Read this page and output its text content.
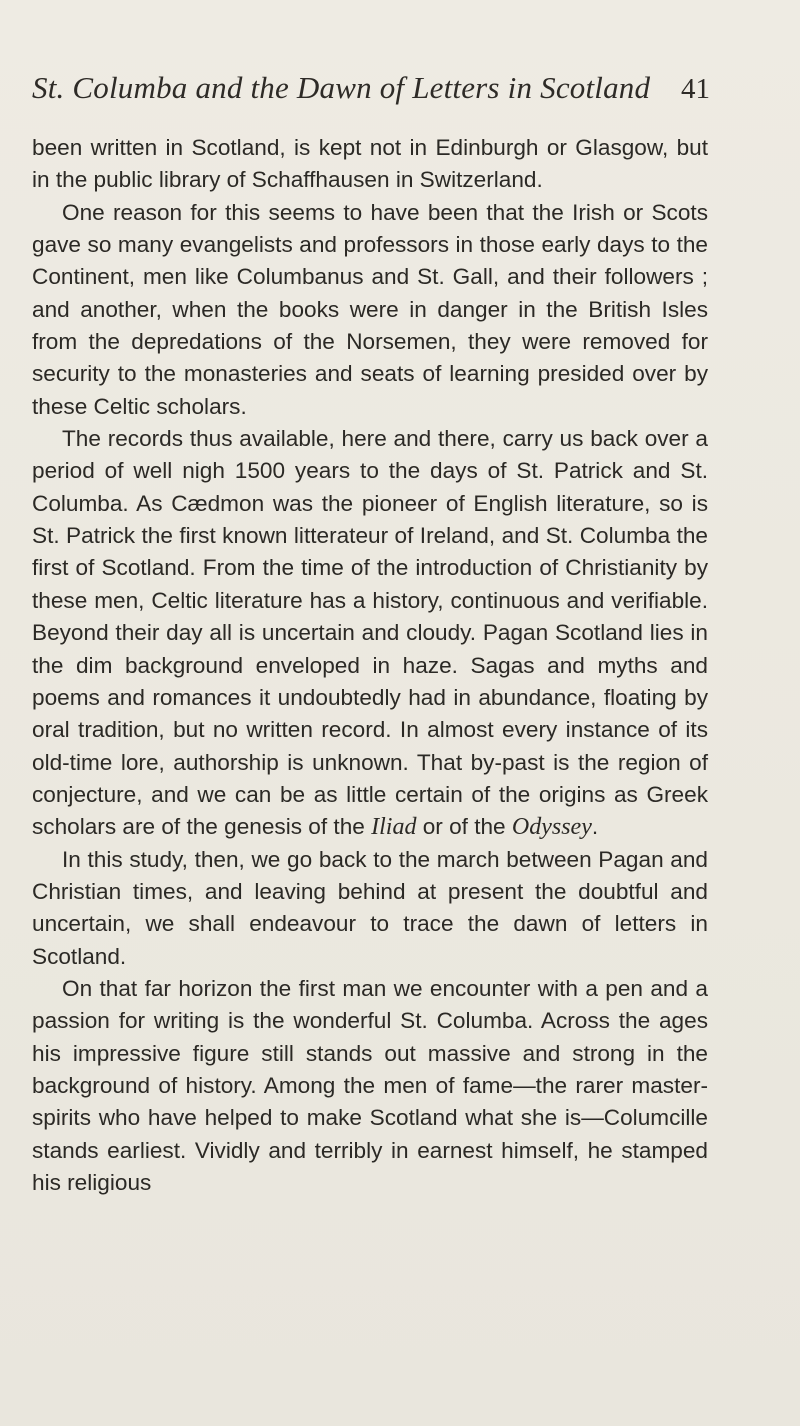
St. Columba and the Dawn of Letters in Scotland 41

been written in Scotland, is kept not in Edinburgh or Glasgow, but in the public library of Schaffhausen in Switzerland.

One reason for this seems to have been that the Irish or Scots gave so many evangelists and professors in those early days to the Continent, men like Columbanus and St. Gall, and their followers ; and another, when the books were in danger in the British Isles from the depredations of the Norsemen, they were removed for security to the monasteries and seats of learning presided over by these Celtic scholars.

The records thus available, here and there, carry us back over a period of well nigh 1500 years to the days of St. Patrick and St. Columba. As Cædmon was the pioneer of English literature, so is St. Patrick the first known litterateur of Ireland, and St. Columba the first of Scotland. From the time of the introduction of Christianity by these men, Celtic literature has a history, continuous and verifiable. Beyond their day all is uncertain and cloudy. Pagan Scotland lies in the dim background enveloped in haze. Sagas and myths and poems and romances it undoubtedly had in abundance, floating by oral tradition, but no written record. In almost every instance of its old-time lore, authorship is unknown. That by-past is the region of conjecture, and we can be as little certain of the origins as Greek scholars are of the genesis of the Iliad or of the Odyssey.

In this study, then, we go back to the march between Pagan and Christian times, and leaving behind at present the doubtful and uncertain, we shall endeavour to trace the dawn of letters in Scotland.

On that far horizon the first man we encounter with a pen and a passion for writing is the wonderful St. Columba. Across the ages his impressive figure still stands out massive and strong in the background of history. Among the men of fame—the rarer master-spirits who have helped to make Scotland what she is—Columcille stands earliest. Vividly and terribly in earnest himself, he stamped his religious
